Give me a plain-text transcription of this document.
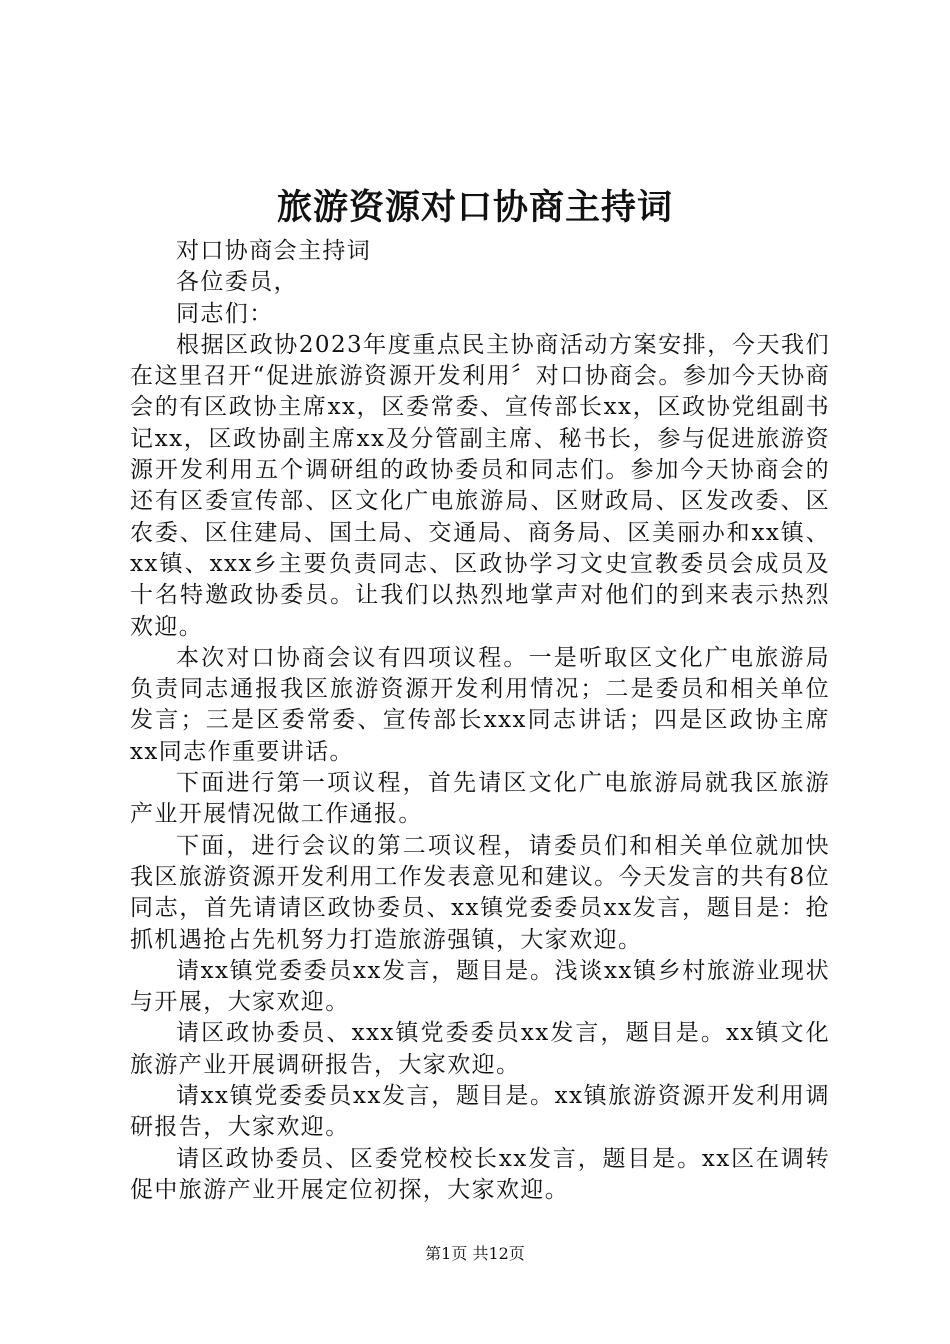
旅游资源对口协商主持词

对口协商会主持词

各位委员，

同志们：

根据区政协2023年度重点民主协商活动方案安排，今天我们在这里召开“促进旅游资源开发利用〞对口协商会。参加今天协商会的有区政协主席xx，区委常委、宣传部长xx，区政协党组副书记xx，区政协副主席xx及分管副主席、秘书长，参与促进旅游资源开发利用五个调研组的政协委员和同志们。参加今天协商会的还有区委宣传部、区文化广电旅游局、区财政局、区发改委、区农委、区住建局、国土局、交通局、商务局、区美丽办和xx镇、xx镇、xxx乡主要负责同志、区政协学习文史宣教委员会成员及十名特邀政协委员。让我们以热烈地掌声对他们的到来表示热烈欢迎。

本次对口协商会议有四项议程。一是听取区文化广电旅游局负责同志通报我区旅游资源开发利用情况；二是委员和相关单位发言；三是区委常委、宣传部长xxx同志讲话；四是区政协主席xx同志作重要讲话。

下面进行第一项议程，首先请区文化广电旅游局就我区旅游产业开展情况做工作通报。

下面，进行会议的第二项议程，请委员们和相关单位就加快我区旅游资源开发利用工作发表意见和建议。今天发言的共有8位同志，首先请请区政协委员、xx镇党委委员xx发言，题目是：抢抓机遇抢占先机努力打造旅游强镇，大家欢迎。

请xx镇党委委员xx发言，题目是。浅谈xx镇乡村旅游业现状与开展，大家欢迎。

请区政协委员、xxx镇党委委员xx发言，题目是。xx镇文化旅游产业开展调研报告，大家欢迎。

请xx镇党委委员xx发言，题目是。xx镇旅游资源开发利用调研报告，大家欢迎。

请区政协委员、区委党校校长xx发言，题目是。xx区在调转促中旅游产业开展定位初探，大家欢迎。

第1页 共12页
